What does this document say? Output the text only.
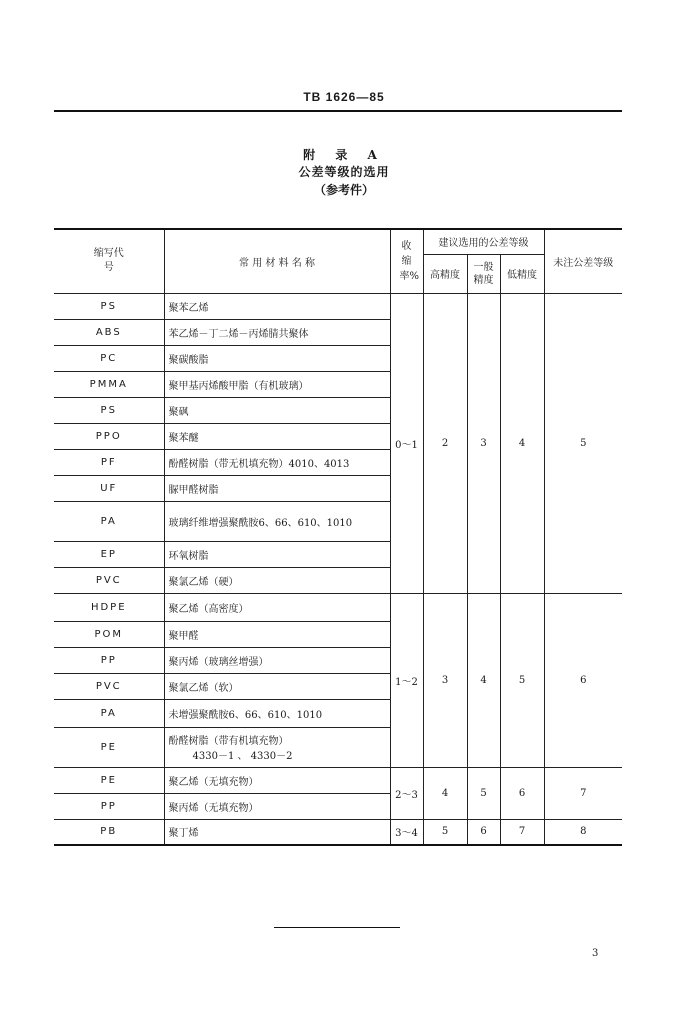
TB 1626—85
附 录 A
公差等级的选用
（参考件）
缩写代号	常 用 材 料 名 称	收缩率%	建议选用的公差等级			未注公差等级
			高精度	一般精度	低精度	
PS	聚苯乙烯	0～1	2	3	4	5
ABS	苯乙烯－丁二烯－丙烯腈共聚体					
PC	聚碳酸脂					
PMMA	聚甲基丙烯酸甲脂（有机玻璃）					
PS	聚砜					
PPO	聚苯醚					
PF	酚醛树脂（带无机填充物）4010、4013					
UF	脲甲醛树脂					
PA	玻璃纤维增强聚酰胺6、66、610、1010					
EP	环氧树脂					
PVC	聚氯乙烯（硬）					
HDPE	聚乙烯（高密度）	1～2	3	4	5	6
POM	聚甲醛					
PP	聚丙烯（玻璃丝增强）					
PVC	聚氯乙烯（软）					
PA	未增强聚酰胺6、66、610、1010					
PE	酚醛树脂（带有机填充物）
4330－1 、 4330－2					

PE	聚乙烯（无填充物）	2～3	4	5	6	7
PP	聚丙烯（无填充物）					
PB	聚丁烯	3～4	5	6	7	8
3
